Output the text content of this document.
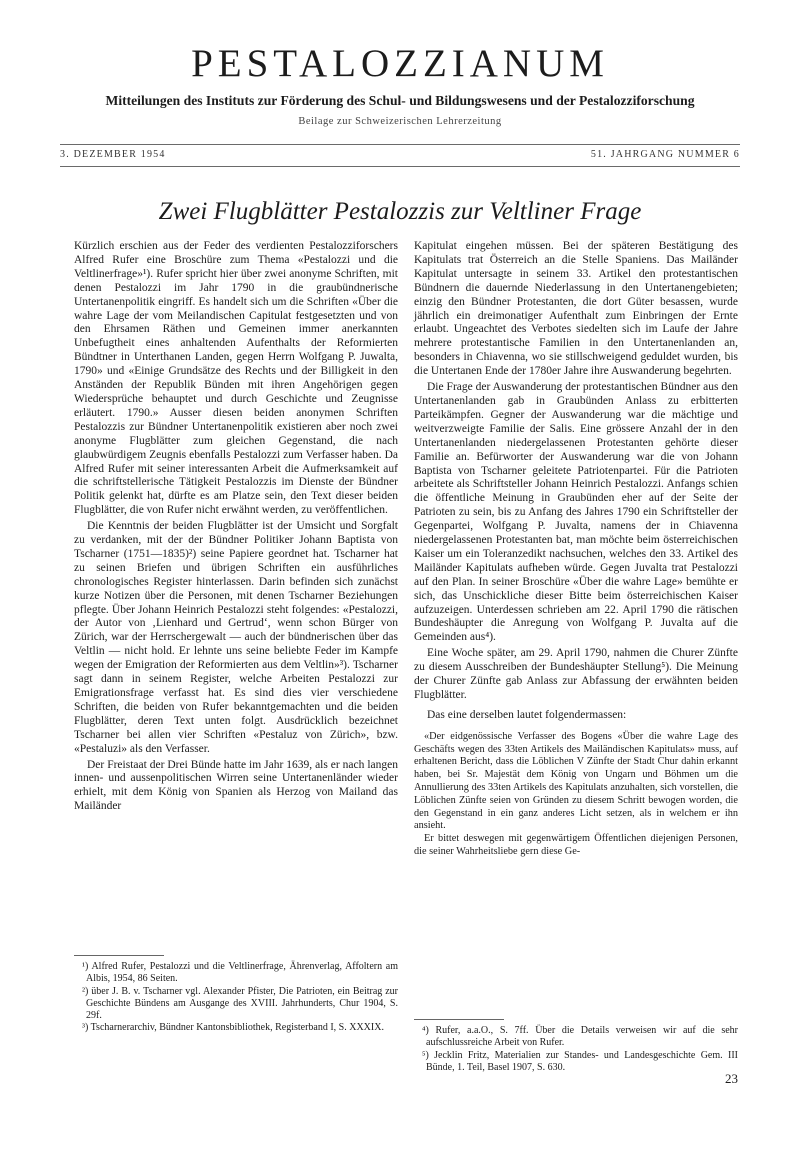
PESTALOZZIANUM
Mitteilungen des Instituts zur Förderung des Schul- und Bildungswesens und der Pestalozziforschung
Beilage zur Schweizerischen Lehrerzeitung
3. DEZEMBER 1954	51. JAHRGANG NUMMER 6
Zwei Flugblätter Pestalozzis zur Veltliner Frage

Kürzlich erschien aus der Feder des verdienten Pestalozziforschers Alfred Rufer eine Broschüre zum Thema «Pestalozzi und die Veltlinerfrage»¹). Rufer spricht hier über zwei anonyme Schriften, mit denen Pestalozzi im Jahr 1790 in die graubündnerische Untertanenpolitik eingriff. Es handelt sich um die Schriften «Über die wahre Lage der vom Meilandischen Capitulat festgesetzten und von den Ehrsamen Räthen und Gemeinen immer anerkannten Unbefugtheit eines anhaltenden Aufenthalts der Reformierten Bündtner in Unterthanen Landen, gegen Herrn Wolfgang P. Juwalta, 1790» und «Einige Grundsätze des Rechts und der Billigkeit in den Anständen der Republik Bünden mit ihren Angehörigen gegen Wiedersprüche behauptet und durch Geschichte und Zeugnisse erläutert. 1790.» Ausser diesen beiden anonymen Schriften Pestalozzis zur Bündner Untertanenpolitik existieren aber noch zwei anonyme Flugblätter zum gleichen Gegenstand, die nach glaubwürdigem Zeugnis ebenfalls Pestalozzi zum Verfasser haben. Da Alfred Rufer mit seiner interessanten Arbeit die Aufmerksamkeit auf die schriftstellerische Tätigkeit Pestalozzis im Dienste der Bündner Politik gelenkt hat, dürfte es am Platze sein, den Text dieser beiden Flugblätter, die von Rufer nicht erwähnt werden, zu veröffentlichen.

Die Kenntnis der beiden Flugblätter ist der Umsicht und Sorgfalt zu verdanken, mit der der Bündner Politiker Johann Baptista von Tscharner (1751—1835)²) seine Papiere geordnet hat. Tscharner hat zu seinen Briefen und übrigen Schriften ein ausführliches chronologisches Register hinterlassen. Darin befinden sich zunächst kurze Notizen über die Personen, mit denen Tscharner Beziehungen pflegte. Über Johann Heinrich Pestalozzi steht folgendes: «Pestalozzi, der Autor von ‚Lienhard und Gertrud‘, wenn schon Bürger von Zürich, war der Herrschergewalt — auch der bündnerischen über das Veltlin — nicht hold. Er lehnte uns seine beliebte Feder im Kampfe wegen der Emigration der Reformierten aus dem Veltlin»³). Tscharner sagt dann in seinem Register, welche Arbeiten Pestalozzi zur Emigrationsfrage verfasst hat. Es sind dies vier verschiedene Schriften, die beiden von Rufer bekanntgemachten und die beiden Flugblätter, deren Text unten folgt. Ausdrücklich bezeichnet Tscharner bei allen vier Schriften «Pestaluz von Zürich», bzw. «Pestaluzi» als den Verfasser.

Der Freistaat der Drei Bünde hatte im Jahr 1639, als er nach langen innen- und aussenpolitischen Wirren seine Untertanenländer wieder erhielt, mit dem König von Spanien als Herzog von Mailand das Mailänder

Kapitulat eingehen müssen. Bei der späteren Bestätigung des Kapitulats trat Österreich an die Stelle Spaniens. Das Mailänder Kapitulat untersagte in seinem 33. Artikel den protestantischen Bündnern die dauernde Niederlassung in den Untertanengebieten; einzig den Bündner Protestanten, die dort Güter besassen, wurde jährlich ein dreimonatiger Aufenthalt zum Einbringen der Ernte erlaubt. Ungeachtet des Verbotes siedelten sich im Laufe der Jahre mehrere protestantische Familien in den Untertanenlanden an, besonders in Chiavenna, wo sie stillschweigend geduldet wurden, bis die Untertanen Ende der 1780er Jahre ihre Auswanderung begehrten.

Die Frage der Auswanderung der protestantischen Bündner aus den Untertanenlanden gab in Graubünden Anlass zu erbitterten Parteikämpfen. Gegner der Auswanderung war die mächtige und weitverzweigte Familie der Salis. Eine grössere Anzahl der in den Untertanenlanden niedergelassenen Protestanten gehörte dieser Familie an. Befürworter der Auswanderung war die von Johann Baptista von Tscharner geleitete Patriotenpartei. Für die Patrioten arbeitete als Schriftsteller Johann Heinrich Pestalozzi. Anfangs schien die öffentliche Meinung in Graubünden eher auf der Seite der Patrioten zu sein, bis zu Anfang des Jahres 1790 ein Schriftsteller der Gegenpartei, Wolfgang P. Juvalta, namens der in Chiavenna niedergelassenen Protestanten bat, man möchte beim österreichischen Kaiser um ein Toleranzedikt nachsuchen, welches den 33. Artikel des Mailänder Kapitulats aufheben würde. Gegen Juvalta trat Pestalozzi auf den Plan. In seiner Broschüre «Über die wahre Lage» bemühte er sich, das Unschickliche dieser Bitte beim österreichischen Kaiser aufzuzeigen. Unterdessen schrieben am 22. April 1790 die rätischen Bundeshäupter die Anregung von Wolfgang P. Juvalta auf die Gemeinden aus⁴).

Eine Woche später, am 29. April 1790, nahmen die Churer Zünfte zu diesem Ausschreiben der Bundeshäupter Stellung⁵). Die Meinung der Churer Zünfte gab Anlass zur Abfassung der erwähnten beiden Flugblätter.

Das eine derselben lautet folgendermassen:

«Der eidgenössische Verfasser des Bogens «Über die wahre Lage des Geschäfts wegen des 33ten Artikels des Mailändischen Kapitulats» muss, auf erhaltenen Bericht, dass die Löblichen V Zünfte der Stadt Chur dahin erkannt haben, bei Sr. Majestät dem König von Ungarn und Böhmen um die Annullierung des 33ten Artikels des Kapitulats anzuhalten, sich vorstellen, die Löblichen Zünfte seien von Gründen zu diesem Schritt bewogen worden, die den Gegenstand in ein ganz anderes Licht setzen, als in welchem er ihn ansieht.

Er bittet deswegen mit gegenwärtigem Öffentlichen diejenigen Personen, die seiner Wahrheitsliebe gern diese Ge-

¹) Alfred Rufer, Pestalozzi und die Veltlinerfrage, Ährenverlag, Affoltern am Albis, 1954, 86 Seiten.

²) über J. B. v. Tscharner vgl. Alexander Pfister, Die Patrioten, ein Beitrag zur Geschichte Bündens am Ausgange des XVIII. Jahrhunderts, Chur 1904, S. 29f.

³) Tscharnerarchiv, Bündner Kantonsbibliothek, Registerband I, S. XXXIX.	⁴) Rufer, a.a.O., S. 7ff. Über die Details verweisen wir auf die sehr aufschlussreiche Arbeit von Rufer.

⁵) Jecklin Fritz, Materialien zur Standes- und Landesgeschichte Gem. III Bünde, 1. Teil, Basel 1907, S. 630.

23
